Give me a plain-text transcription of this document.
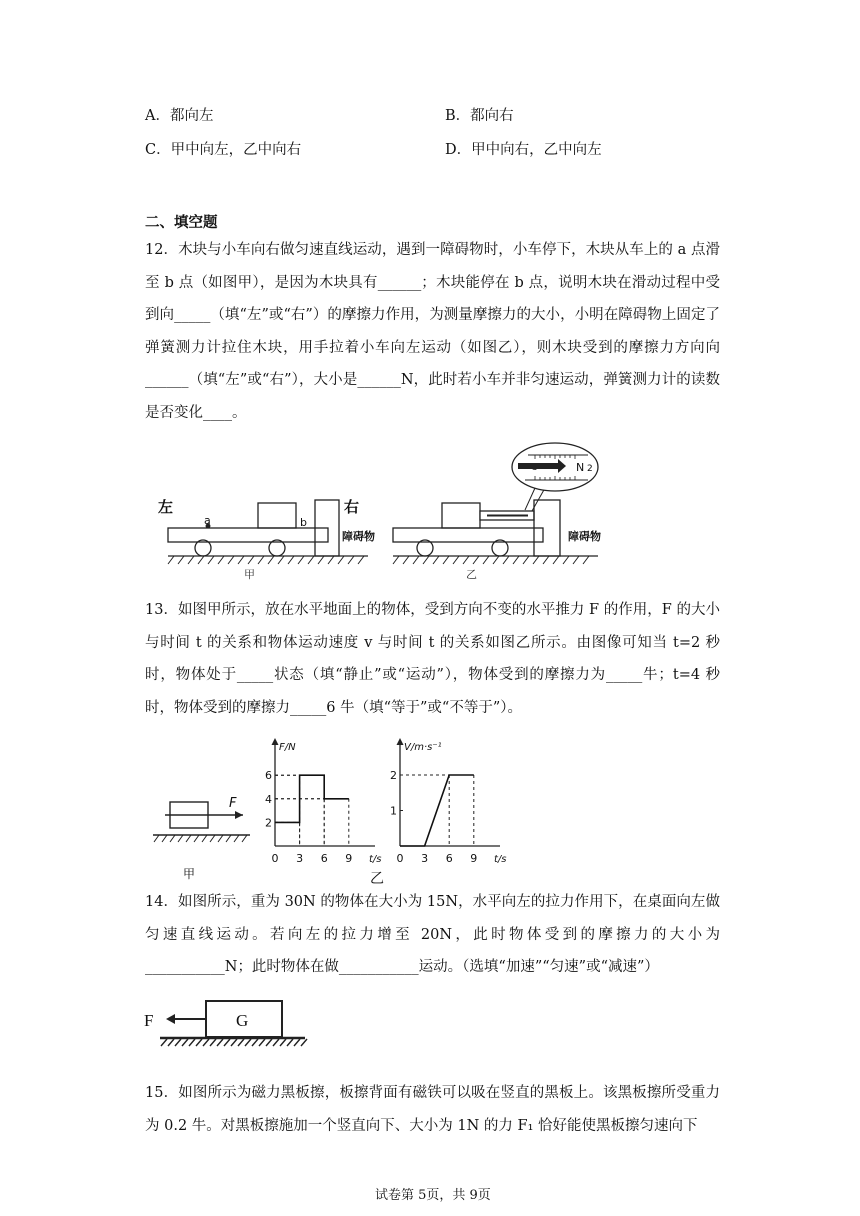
A．都向左	B．都向右
C．甲中向左，乙中向右	D．甲中向右，乙中向左
二、填空题
12．木块与小车向右做匀速直线运动，遇到一障碍物时，小车停下，木块从车上的 a 点滑至 b 点（如图甲），是因为木块具有______；木块能停在 b 点，说明木块在滑动过程中受到向_____（填“左”或“右”）的摩擦力作用，为测量摩擦力的大小，小明在障碍物上固定了弹簧测力计拉住木块，用手拉着小车向左运动（如图乙），则木块受到的摩擦力方向向______（填“左”或“右”），大小是______N，此时若小车并非匀速运动，弹簧测力计的读数是否变化____。
左	右
a	b
障碍物
甲
障碍物
N 2
乙
13．如图甲所示，放在水平地面上的物体，受到方向不变的水平推力 F 的作用，F 的大小与时间 t 的关系和物体运动速度 v 与时间 t 的关系如图乙所示。由图像可知当 t=2 秒时，物体处于_____状态（填“静止”或“运动”），物体受到的摩擦力为_____牛；t=4 秒时，物体受到的摩擦力_____6 牛（填“等于”或“不等于”）。
F
甲
F/N
t/s
0 3 6 9
2
4
6
V/m·s⁻¹
t/s
0 3 6 9
1
2
乙
14．如图所示，重为 30N 的物体在大小为 15N，水平向左的拉力作用下，在桌面向左做匀速直线运动。若向左的拉力增至 20N，此时物体受到的摩擦力的大小为___________N；此时物体在做___________运动。（选填“加速”“匀速”或“减速”）
F	G
15．如图所示为磁力黑板擦，板擦背面有磁铁可以吸在竖直的黑板上。该黑板擦所受重力为 0.2 牛。对黑板擦施加一个竖直向下、大小为 1N 的力 F₁ 恰好能使黑板擦匀速向下
试卷第 5页，共 9页
